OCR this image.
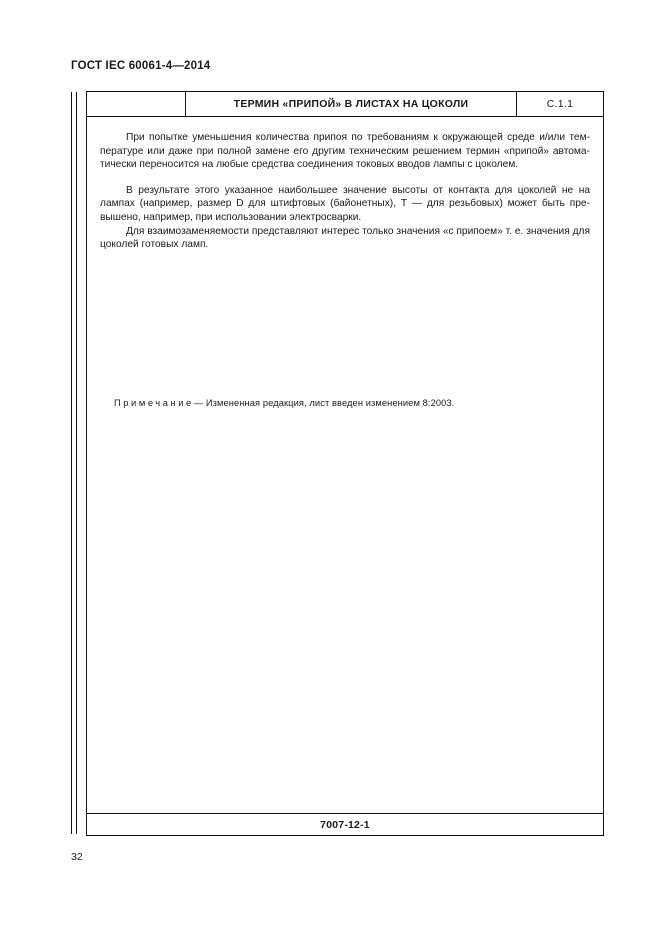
ГОСТ IEC 60061-4—2014
ТЕРМИН «ПРИПОЙ» В ЛИСТАХ НА ЦОКОЛИ	С.1.1

При попытке уменьшения количества припоя по требованиям к окружающей среде и/или тем-пературе или даже при полной замене его другим техническим решением термин «припой» автома-тически переносится на любые средства соединения токовых вводов лампы с цоколем.

В результате этого указанное наибольшее значение высоты от контакта для цоколей не на лампах (например, размер D для штифтовых (байонетных), Т — для резьбовых) может быть пре-вышено, например, при использовании электросварки.

Для взаимозаменяемости представляют интерес только значения «с припоем» т. е. значения для цоколей готовых ламп.

Примечание— Измененная редакция, лист введен изменением 8:2003.
7007-12-1
32
